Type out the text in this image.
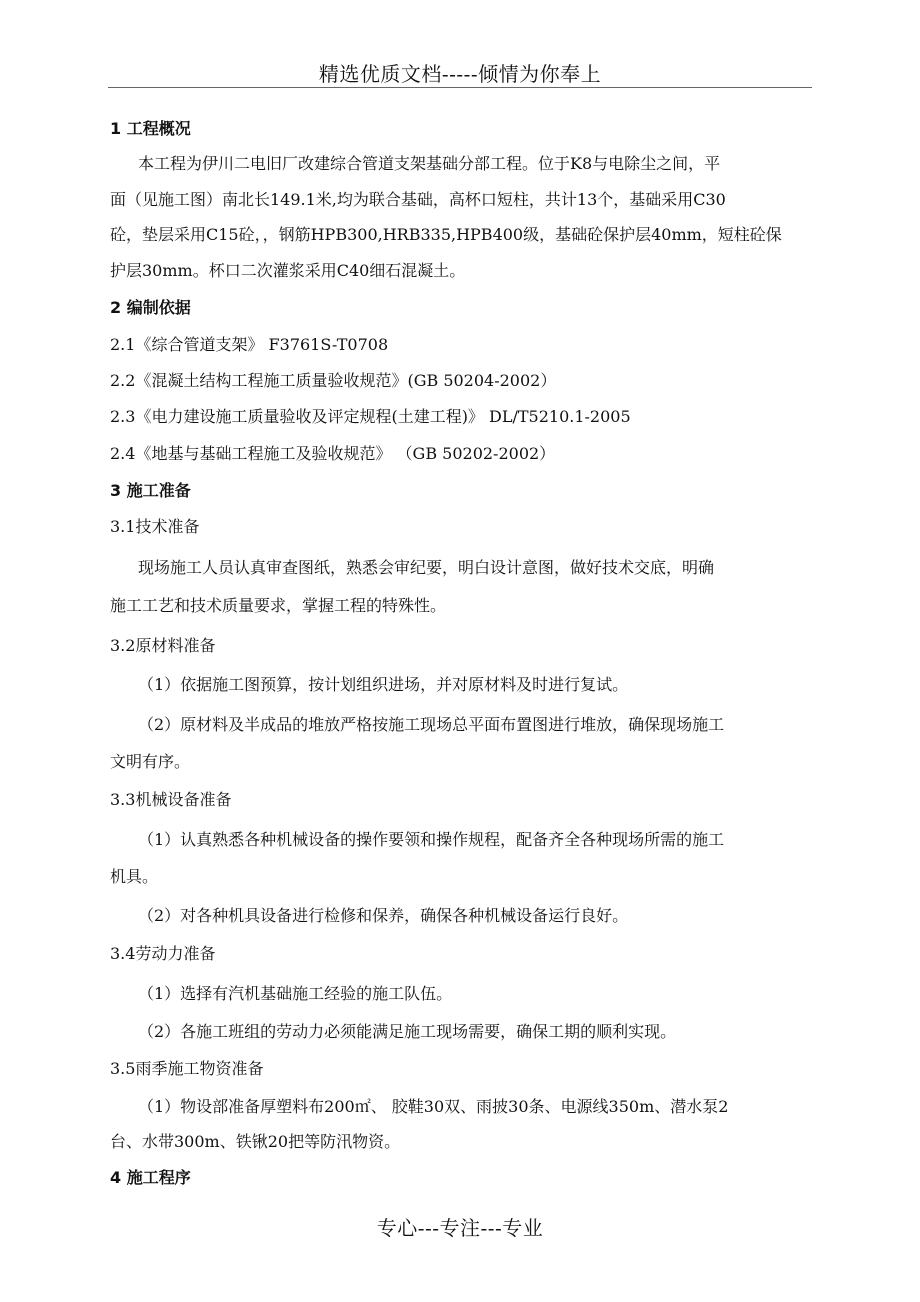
精选优质文档-----倾情为你奉上
1 工程概况
本工程为伊川二电旧厂改建综合管道支架基础分部工程。位于K8与电除尘之间，平
面（见施工图）南北长149.1米,均为联合基础，高杯口短柱，共计13个，基础采用C30
砼，垫层采用C15砼，，钢筋HPB300,HRB335,HPB400级，基础砼保护层40mm，短柱砼保
护层30mm。杯口二次灌浆采用C40细石混凝土。
2 编制依据
2.1《综合管道支架》 F3761S-T0708
2.2《混凝土结构工程施工质量验收规范》(GB 50204-2002）
2.3《电力建设施工质量验收及评定规程(土建工程)》 DL/T5210.1-2005
2.4《地基与基础工程施工及验收规范》 （GB 50202-2002）
3 施工准备
3.1技术准备
现场施工人员认真审查图纸，熟悉会审纪要，明白设计意图，做好技术交底，明确
施工工艺和技术质量要求，掌握工程的特殊性。
3.2原材料准备
（1）依据施工图预算，按计划组织进场，并对原材料及时进行复试。
（2）原材料及半成品的堆放严格按施工现场总平面布置图进行堆放，确保现场施工
文明有序。
3.3机械设备准备
（1）认真熟悉各种机械设备的操作要领和操作规程，配备齐全各种现场所需的施工
机具。
（2）对各种机具设备进行检修和保养，确保各种机械设备运行良好。
3.4劳动力准备
（1）选择有汽机基础施工经验的施工队伍。
（2）各施工班组的劳动力必须能满足施工现场需要，确保工期的顺利实现。
3.5雨季施工物资准备
（1）物设部准备厚塑料布200㎡、 胶鞋30双、雨披30条、电源线350m、潜水泵2
台、水带300m、铁锹20把等防汛物资。
4 施工程序
专心---专注---专业
